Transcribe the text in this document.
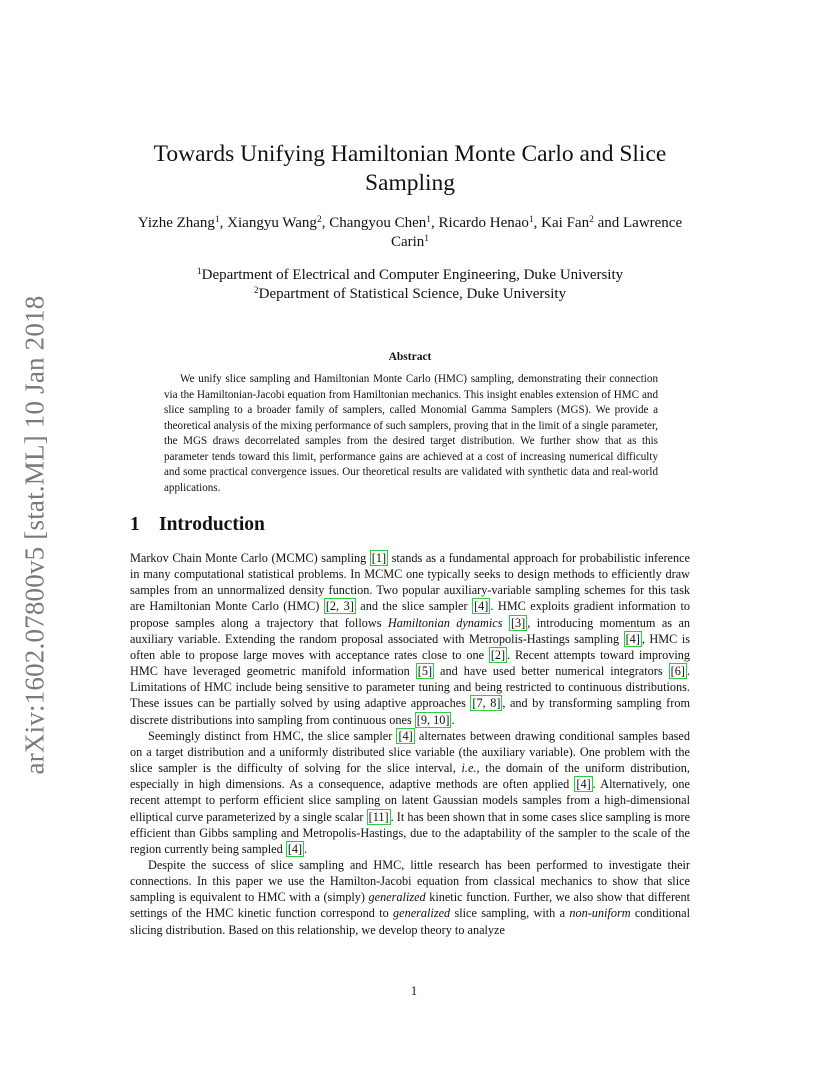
arXiv:1602.07800v5 [stat.ML] 10 Jan 2018
Towards Unifying Hamiltonian Monte Carlo and Slice Sampling
Yizhe Zhang$^1$, Xiangyu Wang$^2$, Changyou Chen$^1$, Ricardo Henao$^1$, Kai Fan$^2$ and Lawrence Carin$^1$
$^1$Department of Electrical and Computer Engineering, Duke University
$^2$Department of Statistical Science, Duke University
Abstract

We unify slice sampling and Hamiltonian Monte Carlo (HMC) sampling, demonstrating their connection via the Hamiltonian-Jacobi equation from Hamiltonian mechanics. This insight enables extension of HMC and slice sampling to a broader family of samplers, called Monomial Gamma Samplers (MGS). We provide a theoretical analysis of the mixing performance of such samplers, proving that in the limit of a single parameter, the MGS draws decorrelated samples from the desired target distribution. We further show that as this parameter tends toward this limit, performance gains are achieved at a cost of increasing numerical difficulty and some practical convergence issues. Our theoretical results are validated with synthetic data and real-world applications.

1 Introduction

Markov Chain Monte Carlo (MCMC) sampling [1] stands as a fundamental approach for probabilistic inference in many computational statistical problems. In MCMC one typically seeks to design methods to efficiently draw samples from an unnormalized density function. Two popular auxiliary-variable sampling schemes for this task are Hamiltonian Monte Carlo (HMC) [2, 3] and the slice sampler [4] . HMC exploits gradient information to propose samples along a trajectory that follows Hamiltonian dynamics [3] , introducing momentum as an auxiliary variable. Extending the random proposal associated with Metropolis-Hastings sampling [4] , HMC is often able to propose large moves with acceptance rates close to one [2] . Recent attempts toward improving HMC have leveraged geometric manifold information [5] and have used better numerical integrators [6] . Limitations of HMC include being sensitive to parameter tuning and being restricted to continuous distributions. These issues can be partially solved by using adaptive approaches [7, 8] , and by transforming sampling from discrete distributions into sampling from continuous ones [9, 10] .

Seemingly distinct from HMC, the slice sampler [4] alternates between drawing conditional samples based on a target distribution and a uniformly distributed slice variable (the auxiliary variable). One problem with the slice sampler is the difficulty of solving for the slice interval, i.e., the domain of the uniform distribution, especially in high dimensions. As a consequence, adaptive methods are often applied [4] . Alternatively, one recent attempt to perform efficient slice sampling on latent Gaussian models samples from a high-dimensional elliptical curve parameterized by a single scalar [11] . It has been shown that in some cases slice sampling is more efficient than Gibbs sampling and Metropolis-Hastings, due to the adaptability of the sampler to the scale of the region currently being sampled [4] .

Despite the success of slice sampling and HMC, little research has been performed to investigate their connections. In this paper we use the Hamilton-Jacobi equation from classical mechanics to show that slice sampling is equivalent to HMC with a (simply) generalized kinetic function. Further, we also show that different settings of the HMC kinetic function correspond to generalized slice sampling, with a non-uniform conditional slicing distribution. Based on this relationship, we develop theory to analyze

1
